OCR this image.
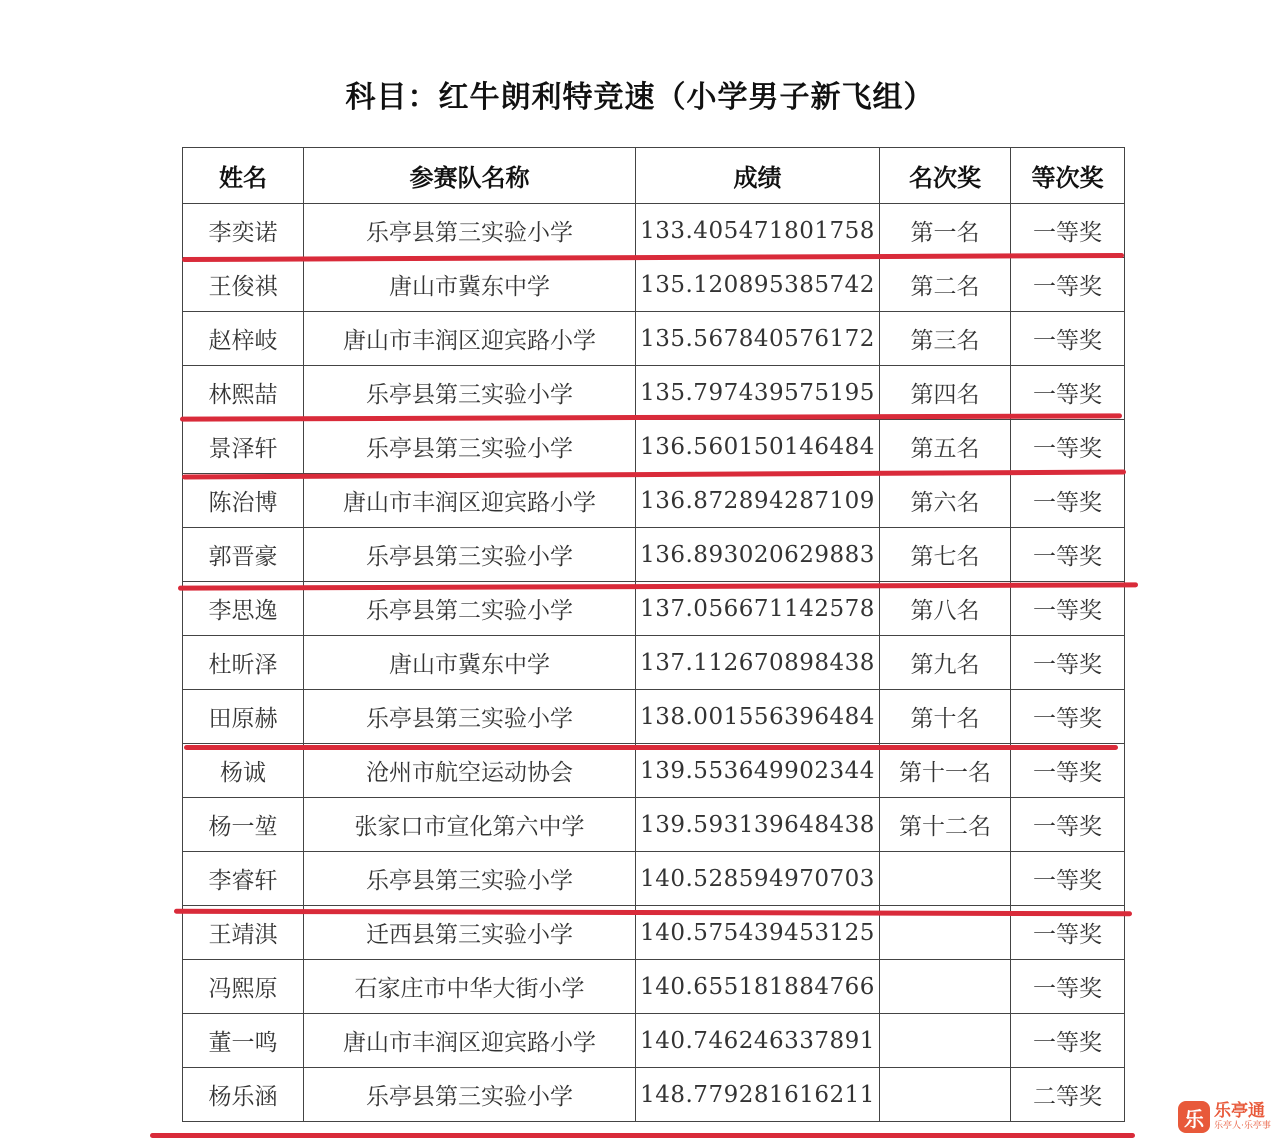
科目：红牛朗利特竞速（小学男子新飞组）
姓名	参赛队名称	成绩	名次奖	等次奖
李奕诺	乐亭县第三实验小学	133.405471801758	第一名	一等奖
王俊祺	唐山市冀东中学	135.120895385742	第二名	一等奖
赵梓岐	唐山市丰润区迎宾路小学	135.567840576172	第三名	一等奖
林熙喆	乐亭县第三实验小学	135.797439575195	第四名	一等奖
景泽轩	乐亭县第三实验小学	136.560150146484	第五名	一等奖
陈治博	唐山市丰润区迎宾路小学	136.872894287109	第六名	一等奖
郭晋豪	乐亭县第三实验小学	136.893020629883	第七名	一等奖
李思逸	乐亭县第二实验小学	137.056671142578	第八名	一等奖
杜昕泽	唐山市冀东中学	137.112670898438	第九名	一等奖
田原赫	乐亭县第三实验小学	138.001556396484	第十名	一等奖
杨诚	沧州市航空运动协会	139.553649902344	第十一名	一等奖
杨一堃	张家口市宣化第六中学	139.593139648438	第十二名	一等奖
李睿轩	乐亭县第三实验小学	140.528594970703		一等奖
王靖淇	迁西县第三实验小学	140.575439453125		一等奖
冯熙原	石家庄市中华大街小学	140.655181884766		一等奖
董一鸣	唐山市丰润区迎宾路小学	140.746246337891		一等奖
杨乐涵	乐亭县第三实验小学	148.779281616211		二等奖
乐 乐亭通
乐亭人·乐亭事
